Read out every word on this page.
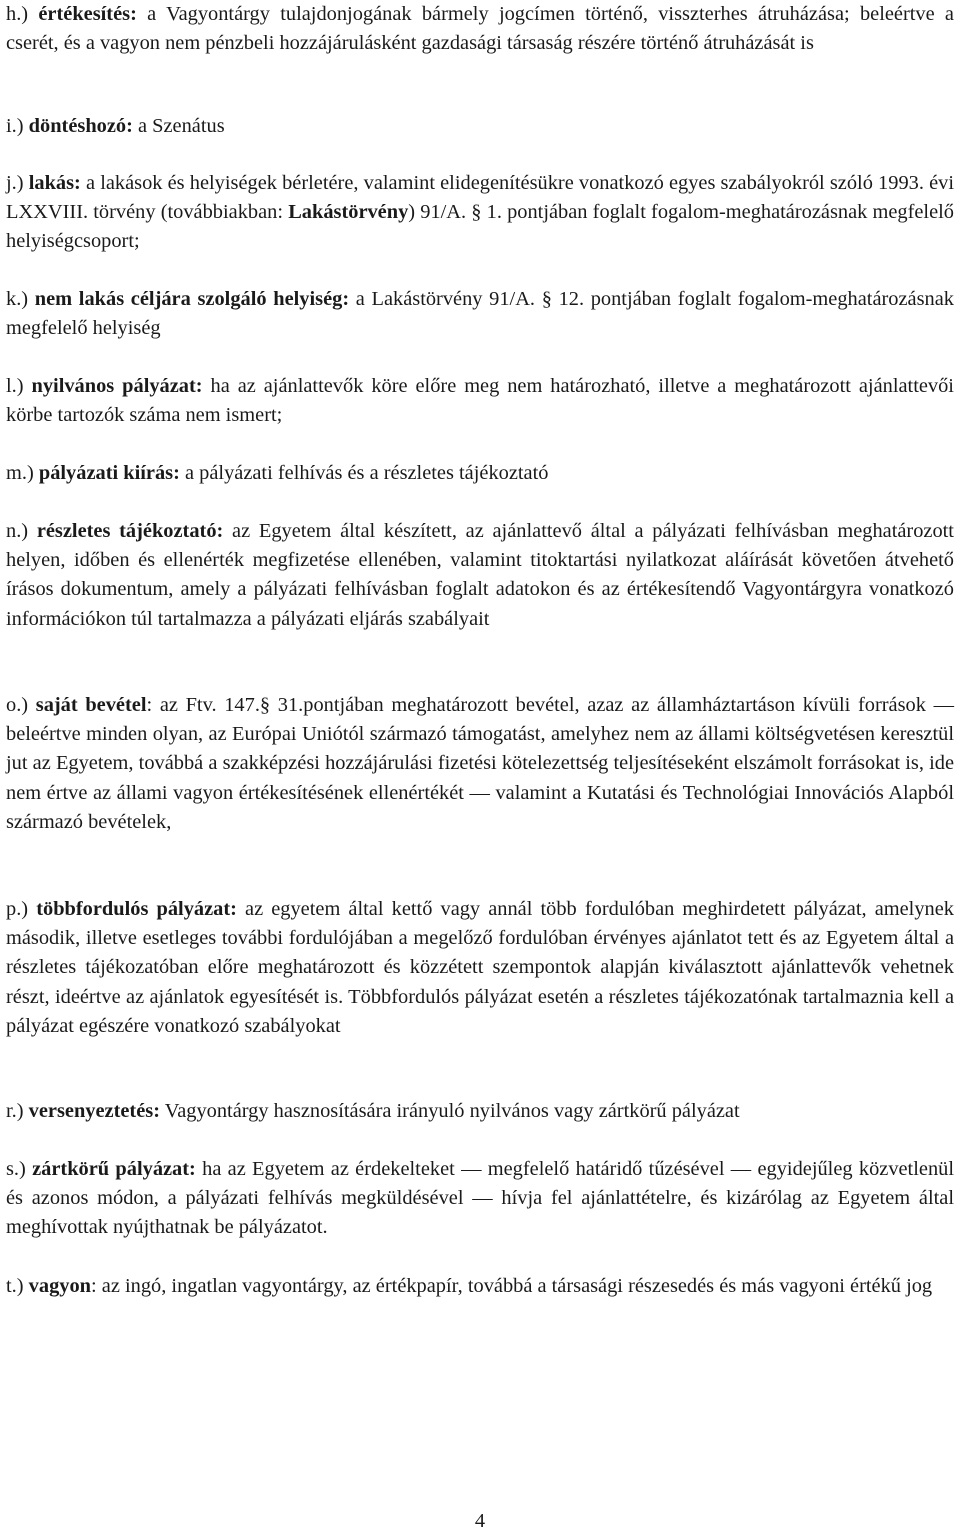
h.) értékesítés: a Vagyontárgy tulajdonjogának bármely jogcímen történő, visszterhes átruházása; beleértve a cserét, és a vagyon nem pénzbeli hozzájárulásként gazdasági társaság részére történő átruházását is

i.) döntéshozó: a Szenátus

j.) lakás: a lakások és helyiségek bérletére, valamint elidegenítésükre vonatkozó egyes szabályokról szóló 1993. évi LXXVIII. törvény (továbbiakban: Lakástörvény) 91/A. § 1. pontjában foglalt fogalom-meghatározásnak megfelelő helyiségcsoport;

k.) nem lakás céljára szolgáló helyiség: a Lakástörvény 91/A. § 12. pontjában foglalt fogalom-meghatározásnak megfelelő helyiség

l.) nyilvános pályázat: ha az ajánlattevők köre előre meg nem határozható, illetve a meghatározott ajánlattevői körbe tartozók száma nem ismert;

m.) pályázati kiírás: a pályázati felhívás és a részletes tájékoztató

n.) részletes tájékoztató: az Egyetem által készített, az ajánlattevő által a pályázati felhívásban meghatározott helyen, időben és ellenérték megfizetése ellenében, valamint titoktartási nyilatkozat aláírását követően átvehető írásos dokumentum, amely a pályázati felhívásban foglalt adatokon és az értékesítendő Vagyontárgyra vonatkozó információkon túl tartalmazza a pályázati eljárás szabályait

o.) saját bevétel: az Ftv. 147.§ 31.pontjában meghatározott bevétel, azaz az államháztartáson kívüli források — beleértve minden olyan, az Európai Uniótól származó támogatást, amelyhez nem az állami költségvetésen keresztül jut az Egyetem, továbbá a szakképzési hozzájárulási fizetési kötelezettség teljesítéseként elszámolt forrásokat is, ide nem értve az állami vagyon értékesítésének ellenértékét — valamint a Kutatási és Technológiai Innovációs Alapból származó bevételek,

p.) többfordulós pályázat: az egyetem által kettő vagy annál több fordulóban meghirdetett pályázat, amelynek második, illetve esetleges további fordulójában a megelőző fordulóban érvényes ajánlatot tett és az Egyetem által a részletes tájékozatóban előre meghatározott és közzétett szempontok alapján kiválasztott ajánlattevők vehetnek részt, ideértve az ajánlatok egyesítését is. Többfordulós pályázat esetén a részletes tájékozatónak tartalmaznia kell a pályázat egészére vonatkozó szabályokat

r.) versenyeztetés: Vagyontárgy hasznosítására irányuló nyilvános vagy zártkörű pályázat

s.) zártkörű pályázat: ha az Egyetem az érdekelteket — megfelelő határidő tűzésével — egyidejűleg közvetlenül és azonos módon, a pályázati felhívás megküldésével — hívja fel ajánlattételre, és kizárólag az Egyetem által meghívottak nyújthatnak be pályázatot.

t.) vagyon: az ingó, ingatlan vagyontárgy, az értékpapír, továbbá a társasági részesedés és más vagyoni értékű jog

4
